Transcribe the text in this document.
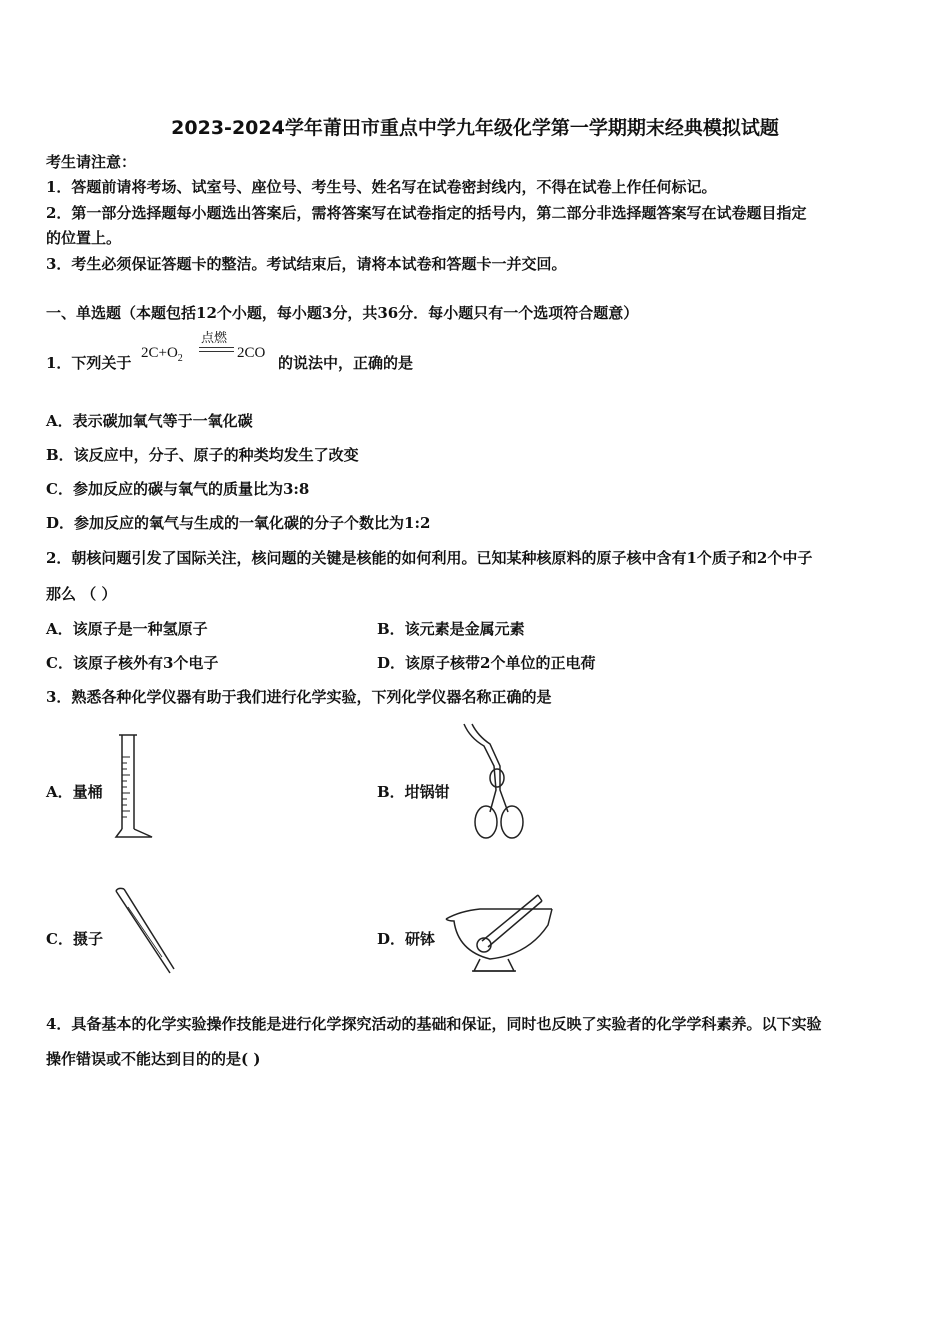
2023-2024学年莆田市重点中学九年级化学第一学期期末经典模拟试题
考生请注意：
1．答题前请将考场、试室号、座位号、考生号、姓名写在试卷密封线内，不得在试卷上作任何标记。
2．第一部分选择题每小题选出答案后，需将答案写在试卷指定的括号内，第二部分非选择题答案写在试卷题目指定
的位置上。
3．考生必须保证答题卡的整洁。考试结束后，请将本试卷和答题卡一并交回。
一、单选题（本题包括12个小题，每小题3分，共36分．每小题只有一个选项符合题意）
1．下列关于
$2C+O_2$
点燃
2CO
的说法中，正确的是
A．表示碳加氧气等于一氧化碳
B．该反应中，分子、原子的种类均发生了改变
C．参加反应的碳与氧气的质量比为3:8
D．参加反应的氧气与生成的一氧化碳的分子个数比为1:2
2．朝核问题引发了国际关注，核问题的关键是核能的如何利用。已知某种核原料的原子核中含有1个质子和2个中子
那么 （ ）
A．该原子是一种氢原子	B．该元素是金属元素
C．该原子核外有3个电子	D．该原子核带2个单位的正电荷
3．熟悉各种化学仪器有助于我们进行化学实验，下列化学仪器名称正确的是
A．量桶	B．坩锅钳
C．摄子	D．研钵
4．具备基本的化学实验操作技能是进行化学探究活动的基础和保证，同时也反映了实验者的化学学科素养。以下实验
操作错误或不能达到目的的是( )
